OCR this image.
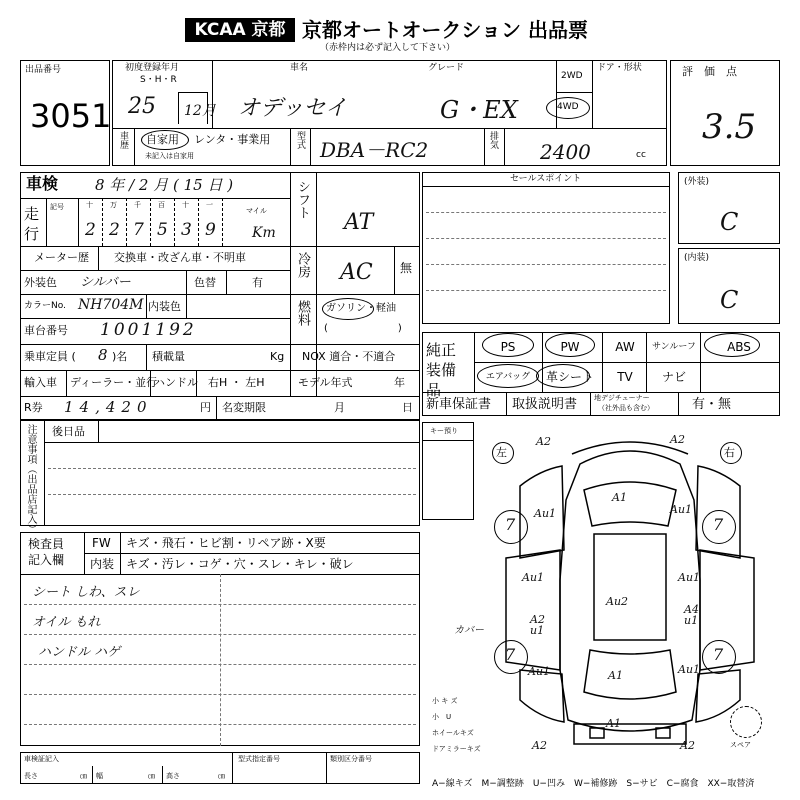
KCAA 京都 京都オートオークション 出品票
（赤枠内は必ず記入して下さい）
出品番号
3051
初度登録年月
S・H・R
25 12月
車名
オデッセイ
グレード
G・EX
2WD
4WD
ドア・形状
車歴 自家用 レンタ・事業用
未記入は自家用
型式 DBA－RC2	排気 2400	cc
評　価　点
3.5
車検 8 年 / 2 月 ( 15 日 )
走行
記号	十
2
万
2
千
7
百
5
十
3
一
9
マイル
Km
メーター歴 交換車・改ざん車・不明車
外装色 シルバー	色替	有
カラーNo. NH704M 内装色
車台番号 1001192
乗車定員 ( 8 )名 積載量	Kg NOX 適合・不適合
輸入車 ディーラー・並行
ハンドル 右H ・ 左H	モデル年式	年
R券 14,420	円 名変期限	月	日
シフト
AT
冷房 AC 無
燃料 ガソリン・軽油
(　　　　　　　)
セールスポイント	(外装)
C
(内装)
C
純正装備品
PS	PW	AW	サンルーフ	ABS
エアバッグ	革シート	TV	ナビ
新車保証書 取扱説明書 地デジチューナー
（社外品も含む）	有・無
注意事項（出品店記入） 後日品
検査員記入欄
FW キズ・飛石・ヒビ割・リペア跡・X要
内装 キズ・汚レ・コゲ・穴・スレ・キレ・破レ
シート しわ、スレ
オイル もれ
ハンドル ハゲ
車検証記入
長さ	㎝ 幅	㎝ 高さ	㎝
型式指定番号	類別区分番号
キー預り
左	右
7	7
7	7
A2	A2
A1
Au1	Au1
Au1
Au2
Au1
A2 u1
A4 u1
Au1	Au1
A1
A2	A2
A1
カバー
小 キ ズ
小　U
ホイールキズ
ドアミラーキズ	スペア
A−線キズ　M−調整跡　U−凹み　W−補修跡　S−サビ　C−腐食　XX−取替済
